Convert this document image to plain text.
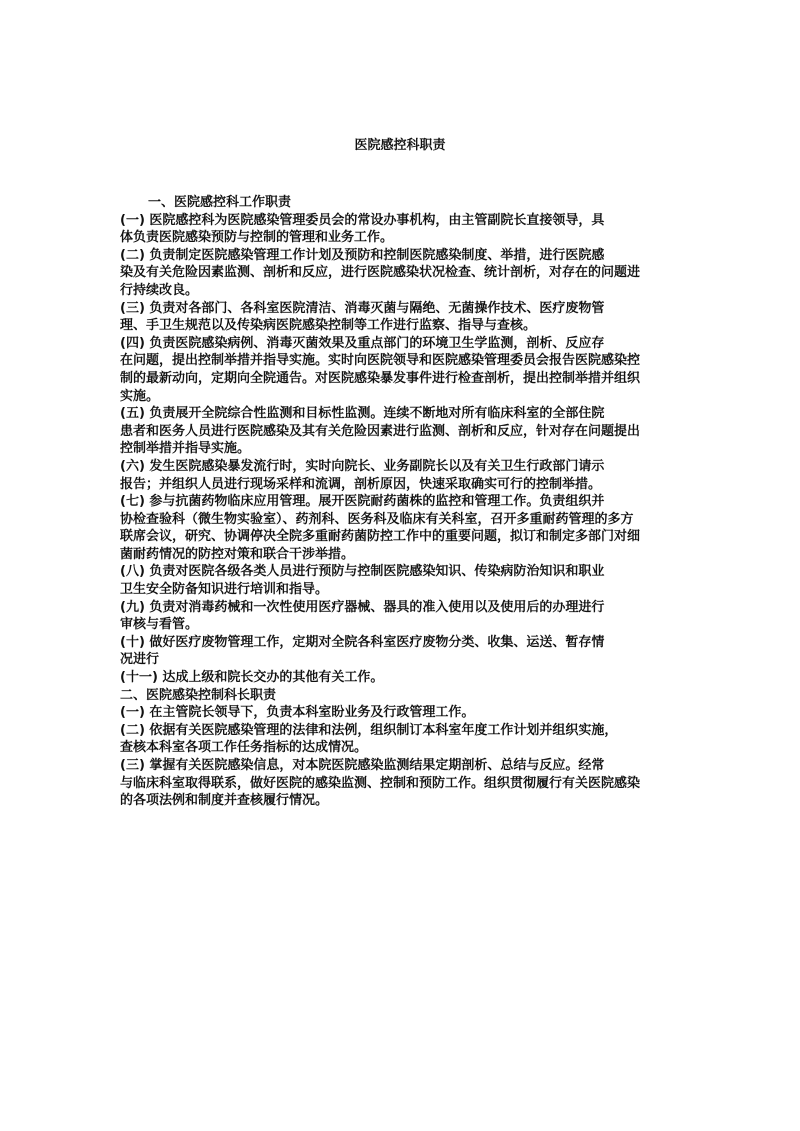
医院感控科职责
一、医院感控科工作职责
(一) 医院感控科为医院感染管理委员会的常设办事机构，由主管副院长直接领导，具
体负责医院感染预防与控制的管理和业务工作。
(二) 负责制定医院感染管理工作计划及预防和控制医院感染制度、举措，进行医院感
染及有关危险因素监测、剖析和反应，进行医院感染状况检查、统计剖析，对存在的问题进
行持续改良。
(三) 负责对各部门、各科室医院清洁、消毒灭菌与隔绝、无菌操作技术、医疗废物管
理、手卫生规范以及传染病医院感染控制等工作进行监察、指导与查核。
(四) 负责医院感染病例、消毒灭菌效果及重点部门的环境卫生学监测，剖析、反应存
在问题，提出控制举措并指导实施。实时向医院领导和医院感染管理委员会报告医院感染控
制的最新动向，定期向全院通告。对医院感染暴发事件进行检查剖析，提出控制举措并组织
实施。
(五) 负责展开全院综合性监测和目标性监测。连续不断地对所有临床科室的全部住院
患者和医务人员进行医院感染及其有关危险因素进行监测、剖析和反应，针对存在问题提出
控制举措并指导实施。
(六) 发生医院感染暴发流行时，实时向院长、业务副院长以及有关卫生行政部门请示
报告；并组织人员进行现场采样和流调，剖析原因，快速采取确实可行的控制举措。
(七) 参与抗菌药物临床应用管理。展开医院耐药菌株的监控和管理工作。负责组织并
协检查验科（微生物实验室）、药剂科、医务科及临床有关科室，召开多重耐药管理的多方
联席会议，研究、协调停决全院多重耐药菌防控工作中的重要问题，拟订和制定多部门对细
菌耐药情况的防控对策和联合干涉举措。
(八) 负责对医院各级各类人员进行预防与控制医院感染知识、传染病防治知识和职业
卫生安全防备知识进行培训和指导。
(九) 负责对消毒药械和一次性使用医疗器械、器具的准入使用以及使用后的办理进行
审核与看管。
(十) 做好医疗废物管理工作，定期对全院各科室医疗废物分类、收集、运送、暂存情
况进行
(十一) 达成上级和院长交办的其他有关工作。
二、医院感染控制科长职责
(一) 在主管院长领导下，负责本科室盼业务及行政管理工作。
(二) 依据有关医院感染管理的法律和法例，组织制订本科室年度工作计划并组织实施，
查核本科室各项工作任务指标的达成情况。
(三) 掌握有关医院感染信息，对本院医院感染监测结果定期剖析、总结与反应。经常
与临床科室取得联系，做好医院的感染监测、控制和预防工作。组织贯彻履行有关医院感染
的各项法例和制度并查核履行情况。
